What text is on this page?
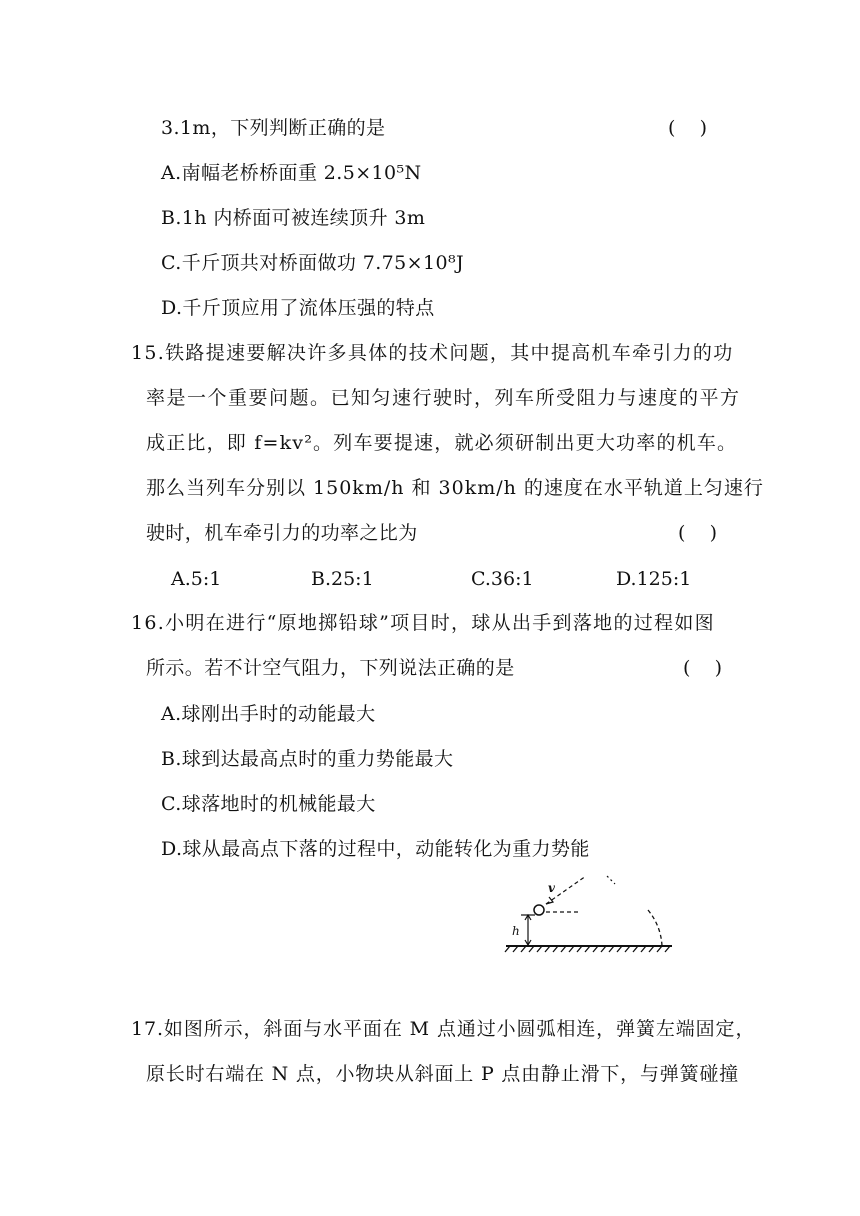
3.1m，下列判断正确的是	(    )
A.南幅老桥桥面重 2.5×10⁵N
B.1h 内桥面可被连续顶升 3m
C.千斤顶共对桥面做功 7.75×10⁸J
D.千斤顶应用了流体压强的特点
15.铁路提速要解决许多具体的技术问题，其中提高机车牵引力的功
率是一个重要问题。已知匀速行驶时，列车所受阻力与速度的平方
成正比，即 f=kv²。列车要提速，就必须研制出更大功率的机车。
那么当列车分别以 150km/h 和 30km/h 的速度在水平轨道上匀速行
驶时，机车牵引力的功率之比为	(    )
A.5:1	B.25:1	C.36:1	D.125:1
16.小明在进行“原地掷铅球”项目时，球从出手到落地的过程如图
所示。若不计空气阻力，下列说法正确的是	(    )
A.球刚出手时的动能最大
B.球到达最高点时的重力势能最大
C.球落地时的机械能最大
D.球从最高点下落的过程中，动能转化为重力势能
h
v
17.如图所示，斜面与水平面在 M 点通过小圆弧相连，弹簧左端固定，
原长时右端在 N 点，小物块从斜面上 P 点由静止滑下，与弹簧碰撞
